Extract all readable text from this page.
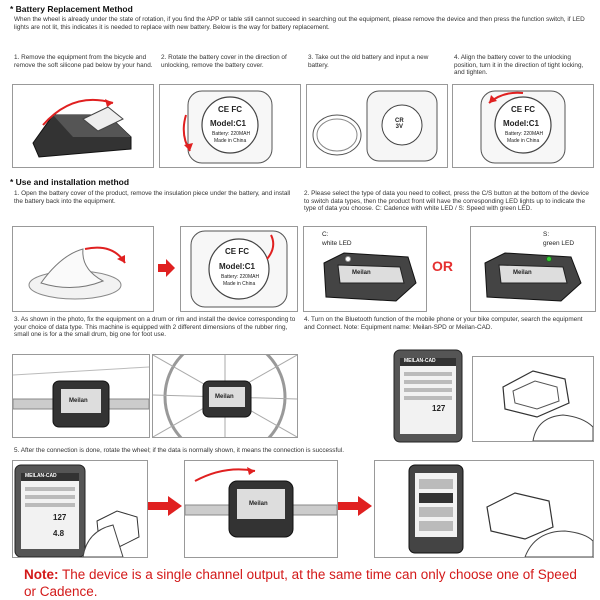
* Battery Replacement Method
When the wheel is already under the state of rotation, if you find the APP or table still cannot succeed in searching out the equipment, please remove the device and then press the function switch, if LED lights are not lit, this indicates it is needed to replace with new battery. Below is the way for battery replacement.
1. Remove the equipment from the bicycle and remove the soft silicone pad below by your hand.
2. Rotate the battery cover in the direction of unlocking, remove the battery cover.
3. Take out the old battery and input a new battery.
4. Align the battery cover to the unlocking position, turn it in the direction of tight locking, and tighten.
CE FC
Model:C1
Battery: 220MAH
Made in China
CR
3V
CE FC
Model:C1
Battery: 220MAH
Made in China
* Use and installation method
1. Open the battery cover of the product, remove the insulation piece under the battery, and install the battery back into the equipment.
2. Please select the type of data you need to collect, press the C/S button at the bottom of the device to switch data types, then the product front will have the corresponding LED lights up to indicate the type of data you choose. C: Cadence with white LED / S: Speed with green LED.
CE FC
Model:C1
Battery: 220MAH
Made in China
C:
white LED
Meilan	OR
S:
green LED
Meilan
3. As shown in the photo, fix the equipment on a drum or rim and install the device corresponding to your choice of data type. This machine is equipped with 2 different dimensions of the rubber ring, small one is for a the small drum, big one for foot use.
4. Turn on the Bluetooth function of the mobile phone or your bike computer, search the equipment and Connect. Note: Equipment name: Meilan-SPD or Meilan-CAD.
Meilan
Meilan
MEILAN-CAD
127
5. After the connection is done, rotate the wheel; if the data is normally shown, it means the connection is successful.
MEILAN-CAD
127
4.8
Meilan
Note: The device is a single channel output, at the same time can only choose one of Speed or Cadence.
